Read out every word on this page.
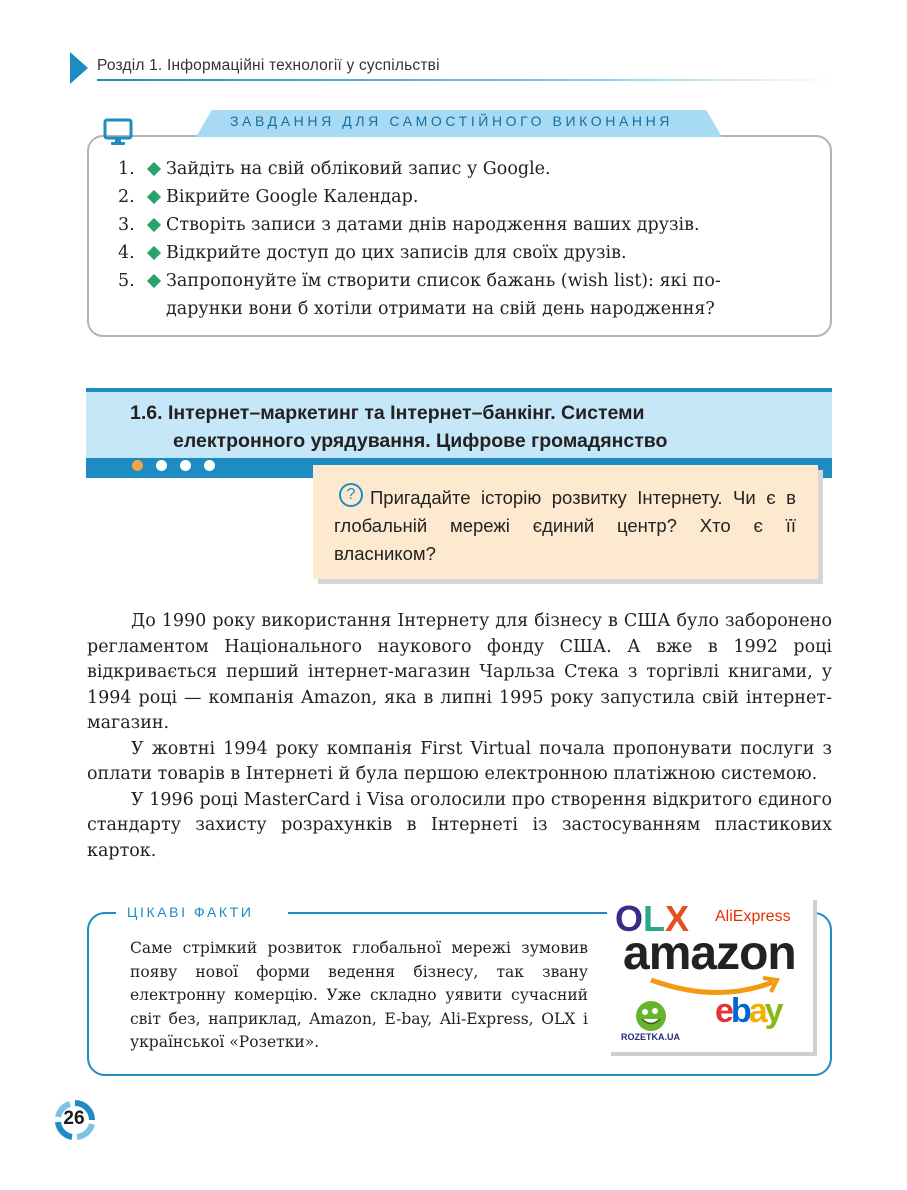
Розділ 1. Інформаційні технології у суспільстві
ЗАВДАННЯ ДЛЯ САМОСТІЙНОГО ВИКОНАННЯ
1. Зайдіть на свій обліковий запис у Google.
2. Вікрийте Google Календар.
3. Створіть записи з датами днів народження ваших друзів.
4. Відкрийте доступ до цих записів для своїх друзів.
5. Запропонуйте їм створити список бажань (wish list): які по-
дарунки вони б хотіли отримати на свій день народження?
1.6. Інтернет–маркетинг та Інтернет–банкінг. Системи
електронного урядування. Цифрове громадянство
? Пригадайте історію розвитку Інтернету. Чи є в глобальній мережі єдиний центр? Хто є її власником?

До 1990 року використання Інтернету для бізнесу в США було заборонено регламентом Національного наукового фонду США. А вже в 1992 році відкривається перший інтернет-магазин Чарльза Стека з торгівлі книгами, у 1994 році — компанія Amazon, яка в липні 1995 року запустила свій інтернет-магазин.

У жовтні 1994 року компанія First Virtual почала пропонувати послуги з оплати товарів в Інтернеті й була першою електронною платіжною системою.

У 1996 році MasterCard і Visa оголосили про створення відкритого єдиного стандарту захисту розрахунків в Інтернеті із застосуванням пластикових карток.

ЦІКАВІ ФАКТИ
Саме стрімкий розвиток глобальної мережі зумовив появу нової форми ведення бізнесу, так звану електронну комерцію. Уже складно уявити сучасний світ без, наприклад, Amazon, E-bay, Ali-Express, OLX і української «Розетки».
OLX AliExpress
amazon
ebay
ROZETKA.UA
26
